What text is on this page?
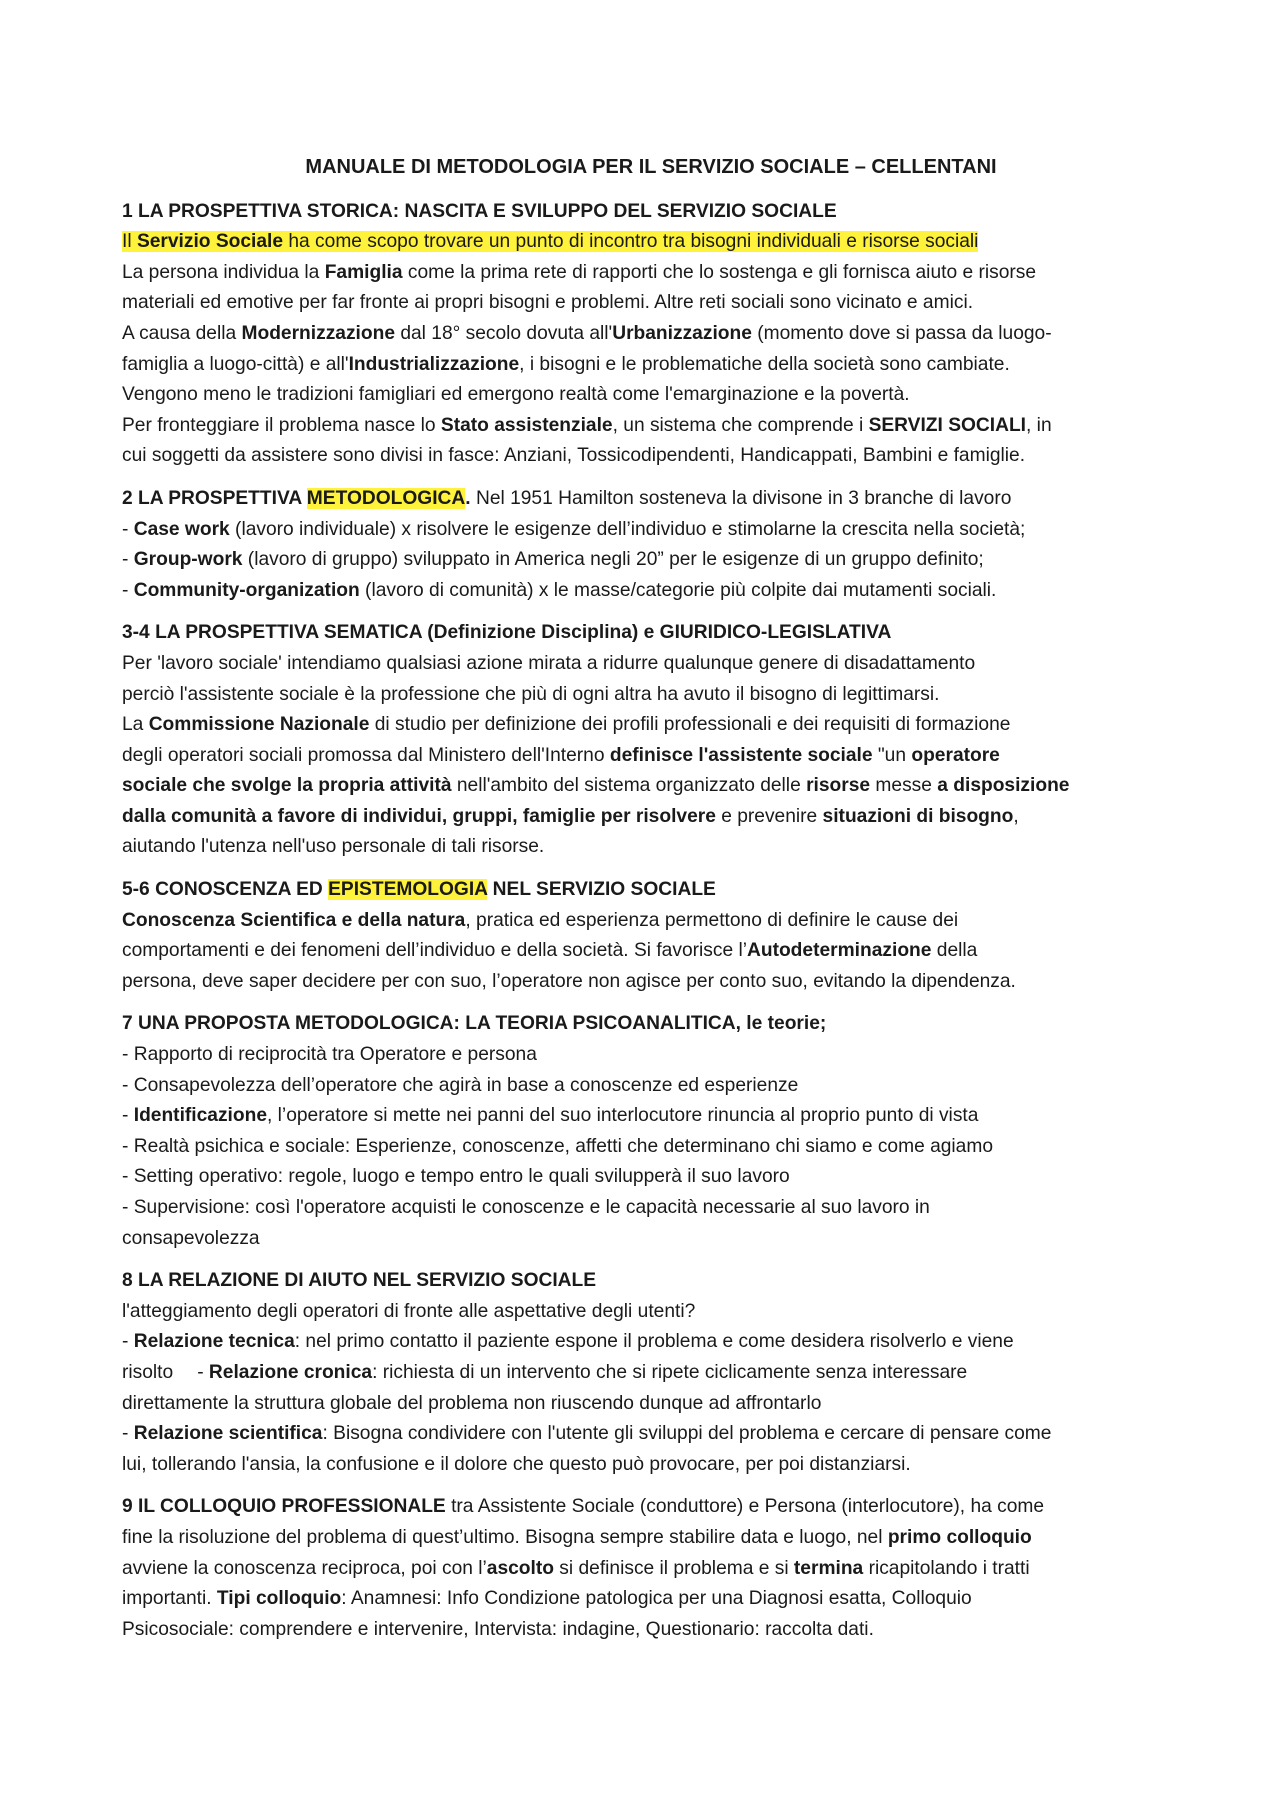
MANUALE DI METODOLOGIA PER IL SERVIZIO SOCIALE – CELLENTANI
1 LA PROSPETTIVA STORICA: NASCITA E SVILUPPO DEL SERVIZIO SOCIALE
Il Servizio Sociale ha come scopo trovare un punto di incontro tra bisogni individuali e risorse sociali
La persona individua la Famiglia come la prima rete di rapporti che lo sostenga e gli fornisca aiuto e risorse
materiali ed emotive per far fronte ai propri bisogni e problemi. Altre reti sociali sono vicinato e amici.
A causa della Modernizzazione dal 18° secolo dovuta all'Urbanizzazione (momento dove si passa da luogo-
famiglia a luogo-città) e all'Industrializzazione, i bisogni e le problematiche della società sono cambiate.
Vengono meno le tradizioni famigliari ed emergono realtà come l'emarginazione e la povertà.
Per fronteggiare il problema nasce lo Stato assistenziale, un sistema che comprende i SERVIZI SOCIALI, in
cui soggetti da assistere sono divisi in fasce: Anziani, Tossicodipendenti, Handicappati, Bambini e famiglie.
2 LA PROSPETTIVA METODOLOGICA. Nel 1951 Hamilton sosteneva la divisone in 3 branche di lavoro
- Case work (lavoro individuale) x risolvere le esigenze dell’individuo e stimolarne la crescita nella società;
- Group-work (lavoro di gruppo) sviluppato in America negli 20” per le esigenze di un gruppo definito;
- Community-organization (lavoro di comunità) x le masse/categorie più colpite dai mutamenti sociali.
3-4 LA PROSPETTIVA SEMATICA (Definizione Disciplina) e GIURIDICO-LEGISLATIVA
Per 'lavoro sociale' intendiamo qualsiasi azione mirata a ridurre qualunque genere di disadattamento
perciò l'assistente sociale è la professione che più di ogni altra ha avuto il bisogno di legittimarsi.
La Commissione Nazionale di studio per definizione dei profili professionali e dei requisiti di formazione
degli operatori sociali promossa dal Ministero dell'Interno definisce l'assistente sociale "un operatore
sociale che svolge la propria attività nell'ambito del sistema organizzato delle risorse messe a disposizione
dalla comunità a favore di individui, gruppi, famiglie per risolvere e prevenire situazioni di bisogno,
aiutando l'utenza nell'uso personale di tali risorse.
5-6 CONOSCENZA ED EPISTEMOLOGIA NEL SERVIZIO SOCIALE
Conoscenza Scientifica e della natura, pratica ed esperienza permettono di definire le cause dei
comportamenti e dei fenomeni dell’individuo e della società. Si favorisce l’Autodeterminazione della
persona, deve saper decidere per con suo, l’operatore non agisce per conto suo, evitando la dipendenza.
7 UNA PROPOSTA METODOLOGICA: LA TEORIA PSICOANALITICA, le teorie;
- Rapporto di reciprocità tra Operatore e persona
- Consapevolezza dell’operatore che agirà in base a conoscenze ed esperienze
- Identificazione, l’operatore si mette nei panni del suo interlocutore rinuncia al proprio punto di vista
- Realtà psichica e sociale: Esperienze, conoscenze, affetti che determinano chi siamo e come agiamo
- Setting operativo: regole, luogo e tempo entro le quali svilupperà il suo lavoro
- Supervisione: così l'operatore acquisti le conoscenze e le capacità necessarie al suo lavoro in
consapevolezza
8 LA RELAZIONE DI AIUTO NEL SERVIZIO SOCIALE
l'atteggiamento degli operatori di fronte alle aspettative degli utenti?
- Relazione tecnica: nel primo contatto il paziente espone il problema e come desidera risolverlo e viene
risolto - Relazione cronica: richiesta di un intervento che si ripete ciclicamente senza interessare
direttamente la struttura globale del problema non riuscendo dunque ad affrontarlo
- Relazione scientifica: Bisogna condividere con l'utente gli sviluppi del problema e cercare di pensare come
lui, tollerando l'ansia, la confusione e il dolore che questo può provocare, per poi distanziarsi.
9 IL COLLOQUIO PROFESSIONALE tra Assistente Sociale (conduttore) e Persona (interlocutore), ha come
fine la risoluzione del problema di quest’ultimo. Bisogna sempre stabilire data e luogo, nel primo colloquio
avviene la conoscenza reciproca, poi con l’ascolto si definisce il problema e si termina ricapitolando i tratti
importanti. Tipi colloquio: Anamnesi: Info Condizione patologica per una Diagnosi esatta, Colloquio
Psicosociale: comprendere e intervenire, Intervista: indagine, Questionario: raccolta dati.
